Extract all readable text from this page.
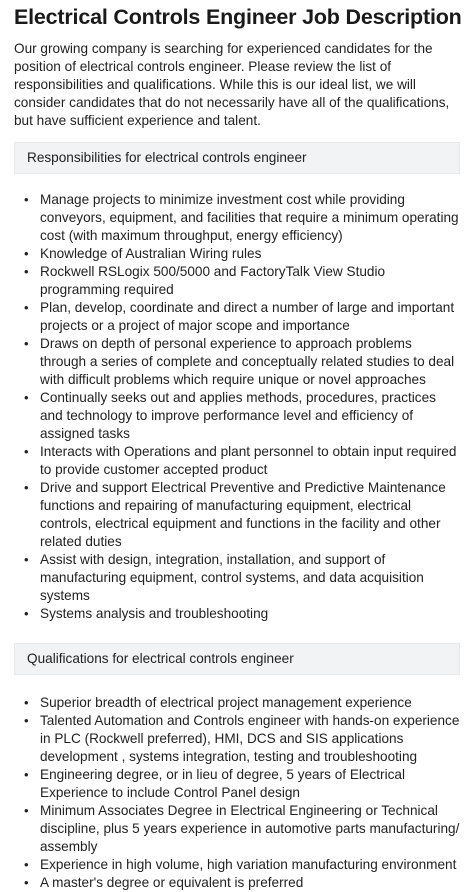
Electrical Controls Engineer Job Description

Our growing company is searching for experienced candidates for the position of electrical controls engineer. Please review the list of responsibilities and qualifications. While this is our ideal list, we will consider candidates that do not necessarily have all of the qualifications, but have sufficient experience and talent.

Responsibilities for electrical controls engineer
• Manage projects to minimize investment cost while providing conveyors, equipment, and facilities that require a minimum operating cost (with maximum throughput, energy efficiency)
• Knowledge of Australian Wiring rules
• Rockwell RSLogix 500/5000 and FactoryTalk View Studio programming required
• Plan, develop, coordinate and direct a number of large and important projects or a project of major scope and importance
• Draws on depth of personal experience to approach problems through a series of complete and conceptually related studies to deal with difficult problems which require unique or novel approaches
• Continually seeks out and applies methods, procedures, practices and technology to improve performance level and efficiency of assigned tasks
• Interacts with Operations and plant personnel to obtain input required to provide customer accepted product
• Drive and support Electrical Preventive and Predictive Maintenance functions and repairing of manufacturing equipment, electrical controls, electrical equipment and functions in the facility and other related duties
• Assist with design, integration, installation, and support of manufacturing equipment, control systems, and data acquisition systems
• Systems analysis and troubleshooting
Qualifications for electrical controls engineer
• Superior breadth of electrical project management experience
• Talented Automation and Controls engineer with hands-on experience in PLC (Rockwell preferred), HMI, DCS and SIS applications development , systems integration, testing and troubleshooting
• Engineering degree, or in lieu of degree, 5 years of Electrical Experience to include Control Panel design
• Minimum Associates Degree in Electrical Engineering or Technical discipline, plus 5 years experience in automotive parts manufacturing/ assembly
• Experience in high volume, high variation manufacturing environment
• A master's degree or equivalent is preferred
